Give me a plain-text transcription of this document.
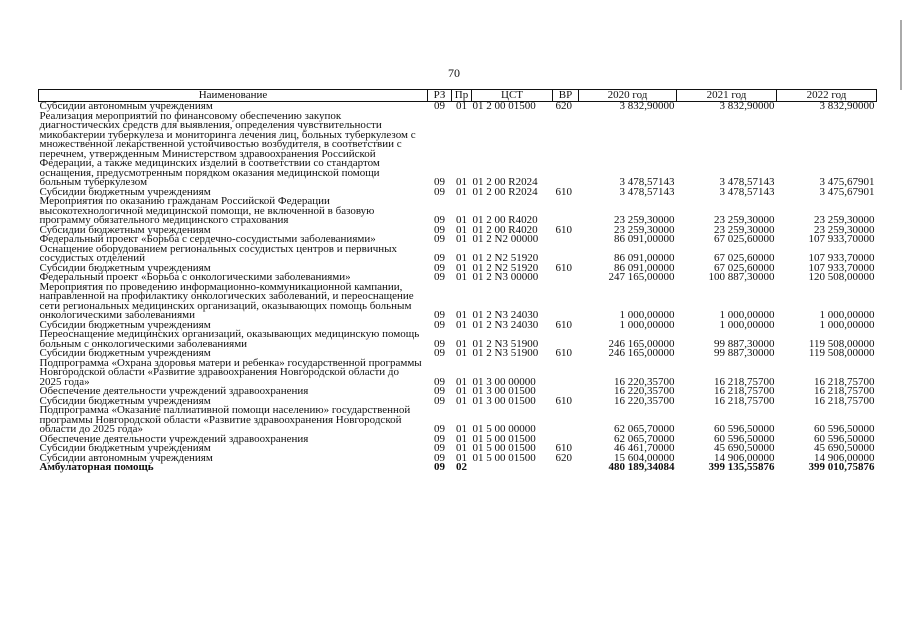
70
Наименование	РЗ	Пр	ЦСТ	ВР	2020 год	2021 год	2022 год
Субсидии автономным учреждениям	09	01	01 2 00 01500	620	3 832,90000	3 832,90000	3 832,90000
Реализация мероприятий по финансовому обеспечению закупок диагностических средств для выявления, определения чувствительности микобактерии туберкулеза и мониторинга лечения лиц, больных туберкулезом с множественной лекарственной устойчивостью возбудителя, в соответствии с перечнем, утвержденным Министерством здравоохранения Российской Федерации, а также медицинских изделий в соответствии со стандартом оснащения, предусмотренным порядком оказания медицинской помощи больным туберкулезом	09	01	01 2 00 R2024		3 478,57143	3 478,57143	3 475,67901
Субсидии бюджетным учреждениям	09	01	01 2 00 R2024	610	3 478,57143	3 478,57143	3 475,67901
Мероприятия по оказанию гражданам Российской Федерации высокотехнологичной медицинской помощи, не включенной в базовую программу обязательного медицинского страхования	09	01	01 2 00 R4020		23 259,30000	23 259,30000	23 259,30000
Субсидии бюджетным учреждениям	09	01	01 2 00 R4020	610	23 259,30000	23 259,30000	23 259,30000
Федеральный проект «Борьба с сердечно-сосудистыми заболеваниями»	09	01	01 2 N2 00000		86 091,00000	67 025,60000	107 933,70000
Оснащение оборудованием региональных сосудистых центров и первичных сосудистых отделений	09	01	01 2 N2 51920		86 091,00000	67 025,60000	107 933,70000
Субсидии бюджетным учреждениям	09	01	01 2 N2 51920	610	86 091,00000	67 025,60000	107 933,70000
Федеральный проект «Борьба с онкологическими заболеваниями»	09	01	01 2 N3 00000		247 165,00000	100 887,30000	120 508,00000
Мероприятия по проведению информационно-коммуникационной кампании, направленной на профилактику онкологических заболеваний, и переоснащение сети региональных медицинских организаций, оказывающих помощь больным онкологическими заболеваниями	09	01	01 2 N3 24030		1 000,00000	1 000,00000	1 000,00000
Субсидии бюджетным учреждениям	09	01	01 2 N3 24030	610	1 000,00000	1 000,00000	1 000,00000
Переоснащение медицинских организаций, оказывающих медицинскую помощь больным с онкологическими заболеваниями	09	01	01 2 N3 51900		246 165,00000	99 887,30000	119 508,00000
Субсидии бюджетным учреждениям	09	01	01 2 N3 51900	610	246 165,00000	99 887,30000	119 508,00000
Подпрограмма «Охрана здоровья матери и ребенка» государственной программы Новгородской области «Развитие здравоохранения Новгородской области до 2025 года»	09	01	01 3 00 00000		16 220,35700	16 218,75700	16 218,75700
Обеспечение деятельности учреждений здравоохранения	09	01	01 3 00 01500		16 220,35700	16 218,75700	16 218,75700
Субсидии бюджетным учреждениям	09	01	01 3 00 01500	610	16 220,35700	16 218,75700	16 218,75700
Подпрограмма «Оказание паллиативной помощи населению» государственной программы Новгородской области «Развитие здравоохранения Новгородской области до 2025 года»	09	01	01 5 00 00000		62 065,70000	60 596,50000	60 596,50000
Обеспечение деятельности учреждений здравоохранения	09	01	01 5 00 01500		62 065,70000	60 596,50000	60 596,50000
Субсидии бюджетным учреждениям	09	01	01 5 00 01500	610	46 461,70000	45 690,50000	45 690,50000
Субсидии автономным учреждениям	09	01	01 5 00 01500	620	15 604,00000	14 906,00000	14 906,00000
Амбулаторная помощь	09	02			480 189,34084	399 135,55876	399 010,75876
